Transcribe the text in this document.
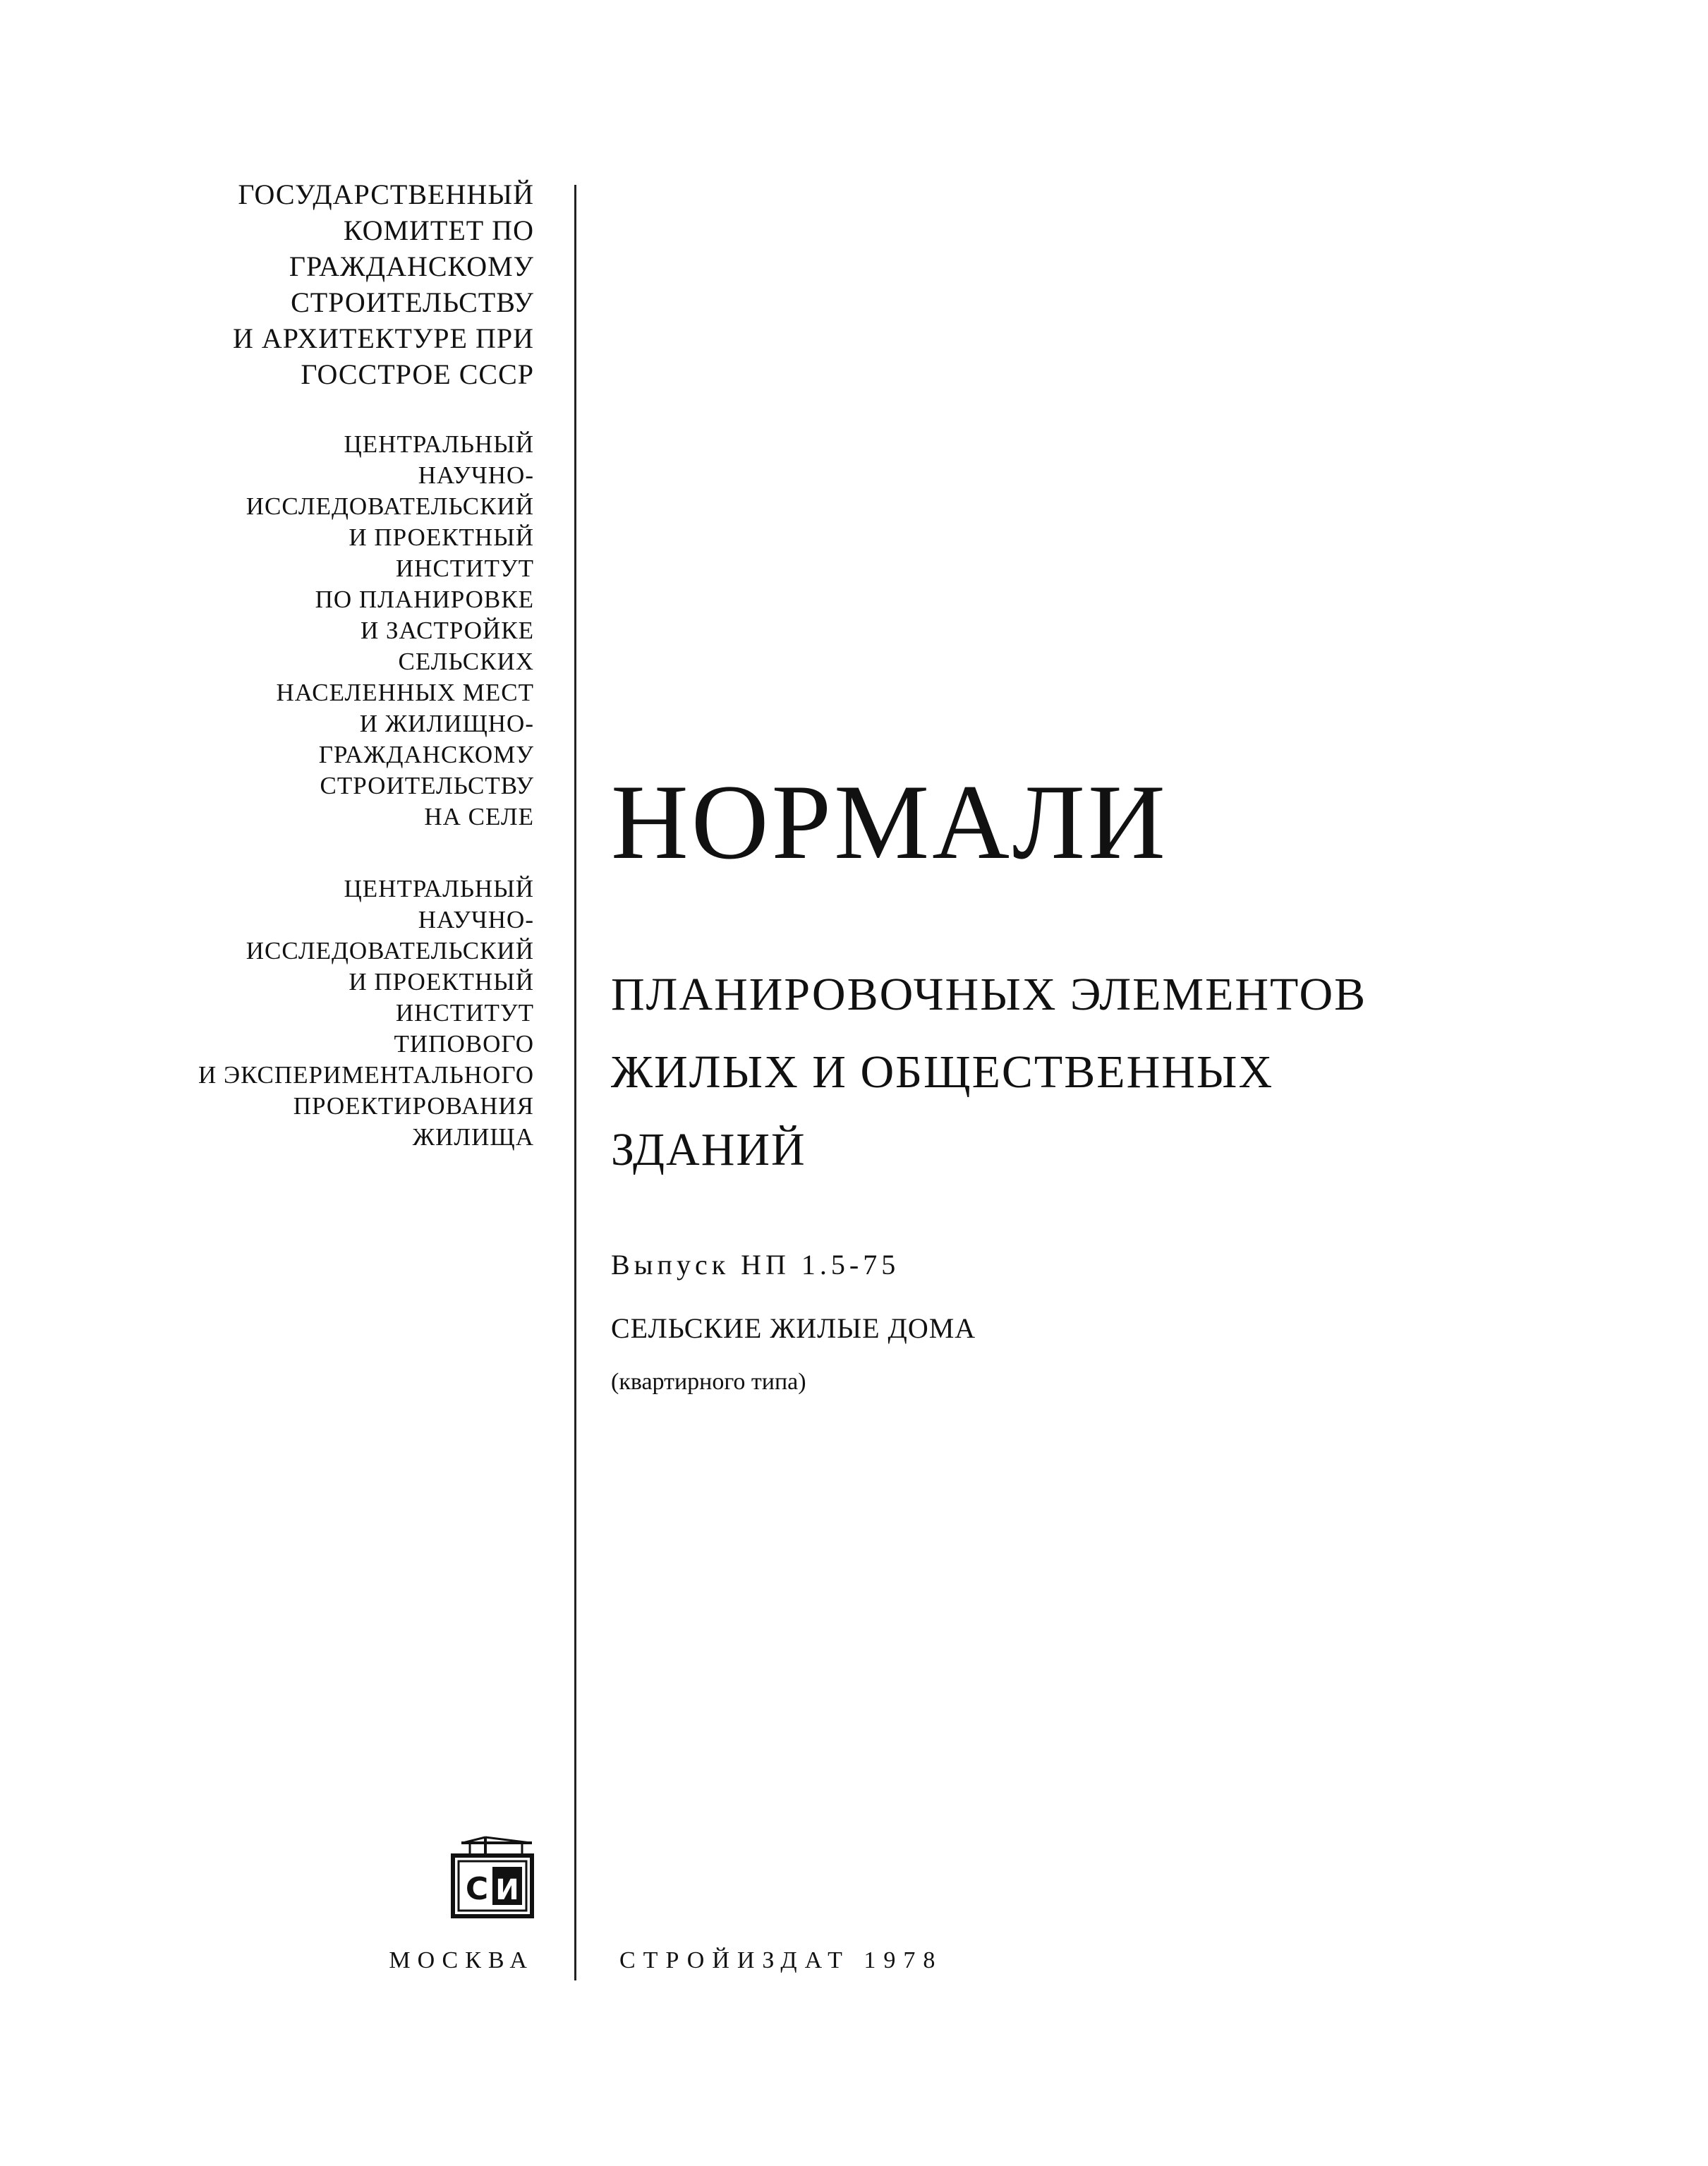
ГОСУДАРСТВЕННЫЙ
КОМИТЕТ ПО
ГРАЖДАНСКОМУ
СТРОИТЕЛЬСТВУ
И АРХИТЕКТУРЕ ПРИ
ГОССТРОЕ СССР
ЦЕНТРАЛЬНЫЙ
НАУЧНО-
ИССЛЕДОВАТЕЛЬСКИЙ
И ПРОЕКТНЫЙ
ИНСТИТУТ
ПО ПЛАНИРОВКЕ
И ЗАСТРОЙКЕ
СЕЛЬСКИХ
НАСЕЛЕННЫХ МЕСТ
И ЖИЛИЩНО-
ГРАЖДАНСКОМУ
СТРОИТЕЛЬСТВУ
НА СЕЛЕ
ЦЕНТРАЛЬНЫЙ
НАУЧНО-
ИССЛЕДОВАТЕЛЬСКИЙ
И ПРОЕКТНЫЙ
ИНСТИТУТ
ТИПОВОГО
И ЭКСПЕРИМЕНТАЛЬНОГО
ПРОЕКТИРОВАНИЯ
ЖИЛИЩА
НОРМАЛИ
ПЛАНИРОВОЧНЫХ ЭЛЕМЕНТОВ
ЖИЛЫХ И ОБЩЕСТВЕННЫХ
ЗДАНИЙ
Выпуск НП 1.5-75
СЕЛЬСКИЕ ЖИЛЫЕ ДОМА
(квартирного типа)
С И
МОСКВА	СТРОЙИЗДАТ 1978
